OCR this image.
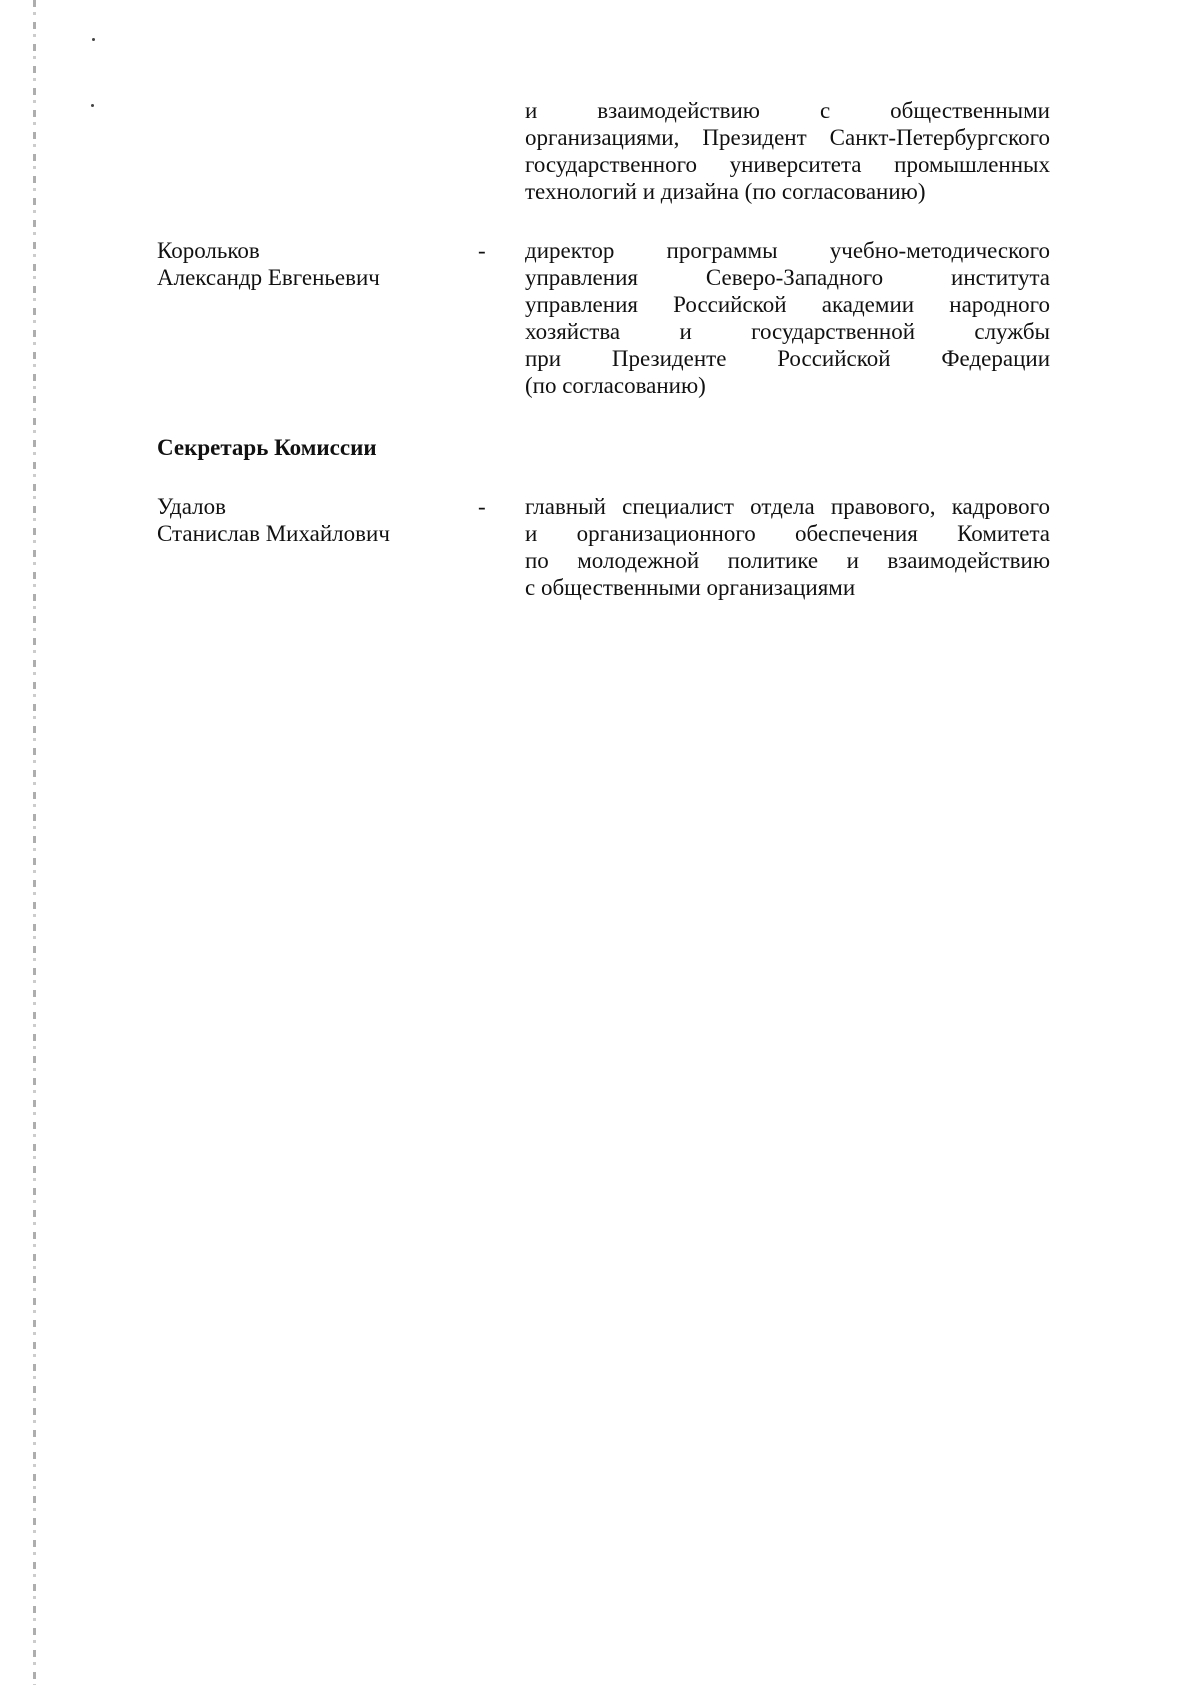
и взаимодействию с общественными
организациями, Президент Санкт-Петербургского
государственного университета промышленных
технологий и дизайна (по согласованию)
Корольков
Александр Евгеньевич
-	директор программы учебно-методического
управления Северо-Западного института
управления Российской академии народного
хозяйства и государственной службы
при Президенте Российской Федерации
(по согласованию)
Секретарь Комиссии
Удалов
Станислав Михайлович
-	главный специалист отдела правового, кадрового
и организационного обеспечения Комитета
по молодежной политике и взаимодействию
с общественными организациями
